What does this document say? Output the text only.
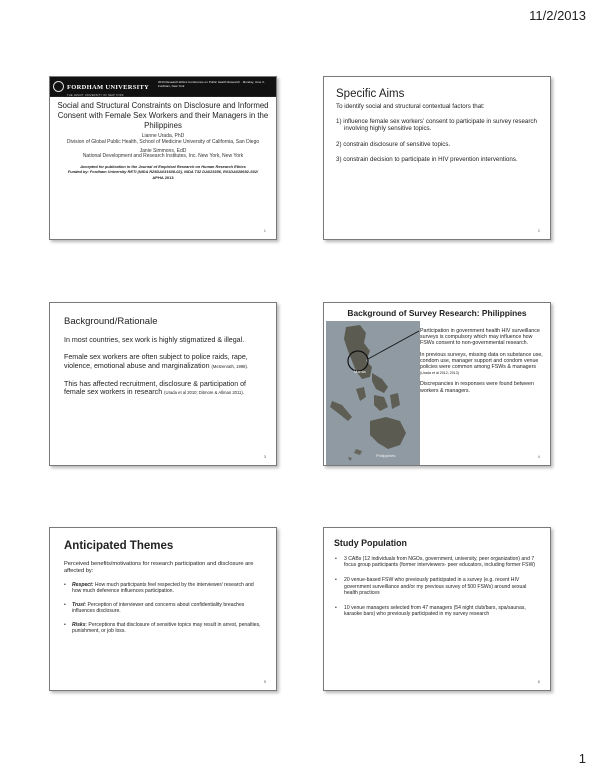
11/2/2013
FORDHAM UNIVERSITY
THE JESUIT UNIVERSITY OF NEW YORK
2013 Research Ethics Conference on Public Health Research · Monday, June 3, Fordham, New York
Social and Structural Constraints on Disclosure and Informed Consent with Female Sex Workers and their Managers in the Philippines
Lianne Urada, PhD
Division of Global Public Health, School of Medicine University of California, San Diego
Janie Simmons, EdD
National Development and Research Institutes, Inc. New York, New York
Accepted for publication in the Journal of Empirical Research on Human Research Ethics
Funded by: Fordham University RETI (NIDA R25DA031608-02), NIDA T32 DA023356, R01DA028692-S02/
APHA 2013
1
Specific Aims
To identify social and structural contextual factors that:
1) influence female sex workers’ consent to participate in survey research involving highly sensitive topics.
2) constrain disclosure of sensitive topics.
3) constrain decision to participate in HIV prevention interventions.
2
Background/Rationale
In most countries, sex work is highly stigmatized & illegal.
Female sex workers are often subject to police raids, rape, violence, emotional abuse and marginalization (Metzenrath, 1998).
This has affected recruitment, disclosure & participation of female sex workers in research (Urada et al 2010; Ditmore & Allman 2011).
3
Background of Survey Research: Philippines
Manila
Philippines

Participation in government health HIV surveillance surveys is compulsory which may influence how FSWs consent to non-governmental research.

In previous surveys, missing data on substance use, condom use, manager support and condom venue policies were common among FSWs & managers (Urada et al 2012; 2013)

Discrepancies in responses were found between workers & managers.

4
Anticipated Themes
Perceived benefits/motivations for research participation and disclosure are affected by:
• Respect: How much participants feel respected by the interviewer/ research and how much deference influences participation.
• Trust: Perception of interviewer and concerns about confidentiality breaches influences disclosure.
• Risks: Perceptions that disclosure of sensitive topics may result in arrest, penalties, punishment, or job loss.
5
Study Population
• 3 CABs (12 individuals from NGOs, government, university, peer organization) and 7 focus group participants (former interviewers- peer educators, including former FSW)
• 20 venue-based FSW who previously participated in a survey (e.g. recent HIV government surveillance and/or my previous survey of 500 FSWs) around sexual health practices
• 10 venue managers selected from 47 managers (54 night club/bars, spa/saunas, karaoke bars) who previously participated in my survey research
6
1
